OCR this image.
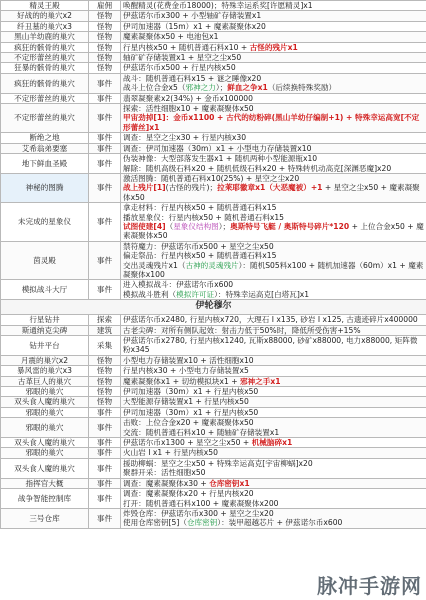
精灵王殿	雇佣	唤醒精灵(花费金币18000)；特殊幸运系奖[许愿精灵]x1
好战的的巢穴x2	怪物	伊茲诺尔币x300 + 小型轴矿存储装置x1
纤丑墓的巢穴x3	怪物	伊司加速器（15m）x1 + 魔素凝聚体x20
黑山羊幼鹿的巢穴	怪物	魔素凝聚体x50 + 电池包x1
疯狂的骸骨的巢穴	怪物	行星内核x50 + 随机普通石料x10 + 古怪的残片x1
不定形蕾丝的巢穴	怪物	轴矿矿存储装置x1 + 星空之尘x50
狂暴的骸骨的巢穴	怪物	伊茲诺尔币x500 + 行星内核x50
疯狂的骸骨的巢穴	事件	战斗：随机普通石料x15 + 谜之睡像x20
战斗上位合金x5（邪神之力）；鲜血之争x1（后续换特殊奖励）
不定形蕾丝的巢穴	事件	翡翠凝聚素x2(34%) + 金币x100000
不定形蕾丝的巢穴	事件	探索：活性细胞x10 + 魔素凝聚体x50
甲宙劲掉[1]：金币x1100 + 古代的纺粉碎(黑山羊幼仔编制+1) + 特殊幸运高宽[不定形蕾丝]x1
断绝之地	事件	调查：星空之尘x30 + 行星内核x30
艾希翁弟要塞	事件	调查：伊司加速器（30m）x1 + 小型电力存储装置x10
地下鲜血圣殿	事件	伪装神像：大型部落发生器x1 + 随机两种小型能源瓶x10
解除：随机高级石料x20 + 随机低级石料x20 + 特殊转机动高克[深渊恶魔]x20
神秘的图腾	事件	激活图腾：随机普通石料x10(25%) + 星空之尘x20
战上残片[1](古怪的残片)；拉莱耶徽章x1（大恶魔被）+1 + 星空之尘x50 + 魔素凝聚体x50
未完成的星象仪	事件	拿走材料：行星内核x50 + 随机普通石料x15
播放星象仪：行星内核x50 + 随机普通石料x15
试图使建[4]（星象仪结构图）；奥斯特号飞艇 / 奥斯特号碎片*120 + 上位合金x50 + 魔素凝聚体x50
茵灵殿	事件	禁符魔力：伊茲诺尔币x500 + 星空之尘x50
偏走祭品：行星内核x50 + 随机普通石料x15
交出灵魂残片x1（古神的灵魂残片）：随机S05料x100 + 随机加速器（60m）x1 + 魔素凝聚体x100
模拟战斗大厅	事件	进入模拟战斗：伊茲诺尔币x600
模拟战斗胜利（模拟许可证）：特殊幸运高克[白塔瓦]x1
伊轮穆尔		
行星钻井	探索	伊茲诺尔币x2480, 行星内核x720，大理石 I x135, 砂岩 I x125, 古遗迹碎片x400000
斯通纳克尖碑	建筑	古老尖碑：对所有侧队起效：射击力低于50%时，降低所受伤害+15%
钻井平台	采集	伊茲诺尔币x2780, 行星内核x1240, 瓦斯x88000, 砂矿x88000, 电力x88000, 矩阵微粉x345
月震的巢穴x2	怪物	小型电力存储装置x10 + 活性细胞x10
暴风雷的巢穴x3	怪物	行星内核x30 + 小型电力存储装置x5
古革巨人的巢穴	怪物	魔素凝聚体x1 + 切幼模拟块x1 + 邪神之手x1
邪眼的巢穴	怪物	伊司加速器（30m）x1 + 行星内核x50
双头食人魔的巢穴	怪物	大型能源存储装置x1 + 行星内核x50
邪眼的巢穴	事件	伊司加速器（30m）x1 + 行星内核x50
邪眼的巢穴	事件	击败：上位合金x20 + 魔素凝聚体x50
交流：随机普通石料x10 + 随轴矿存储装置x1
双头食人魔的巢穴	事件	伊茲诺尔币x1300 + 星空之尘x50 + 机械脑碎x1
邪眼的巢穴	事件	火山岩 I x1 + 行星内核x50
双头食人魔的巢穴	事件	援助柳蜗：星空之尘x50 + 特殊幸运高克[宇宙柳蜗]x20
聚群开采：活性细胞x50
指挥官大概	事件	调查：魔素凝聚体x30 + 仓库密钥x1
战争智能控制库	事件	调查：魔素凝聚体x20 + 行星内核x20
打开：随机普通石料x100 + 魔素凝聚体x200
三号仓库	事件	炸毁仓库：伊茲诺尔币x300 + 星空之尘x20
使用仓库密钥[5]（仓库密钥）：装甲超越芯片 + 伊茲诺尔币x600
脉冲手游网
